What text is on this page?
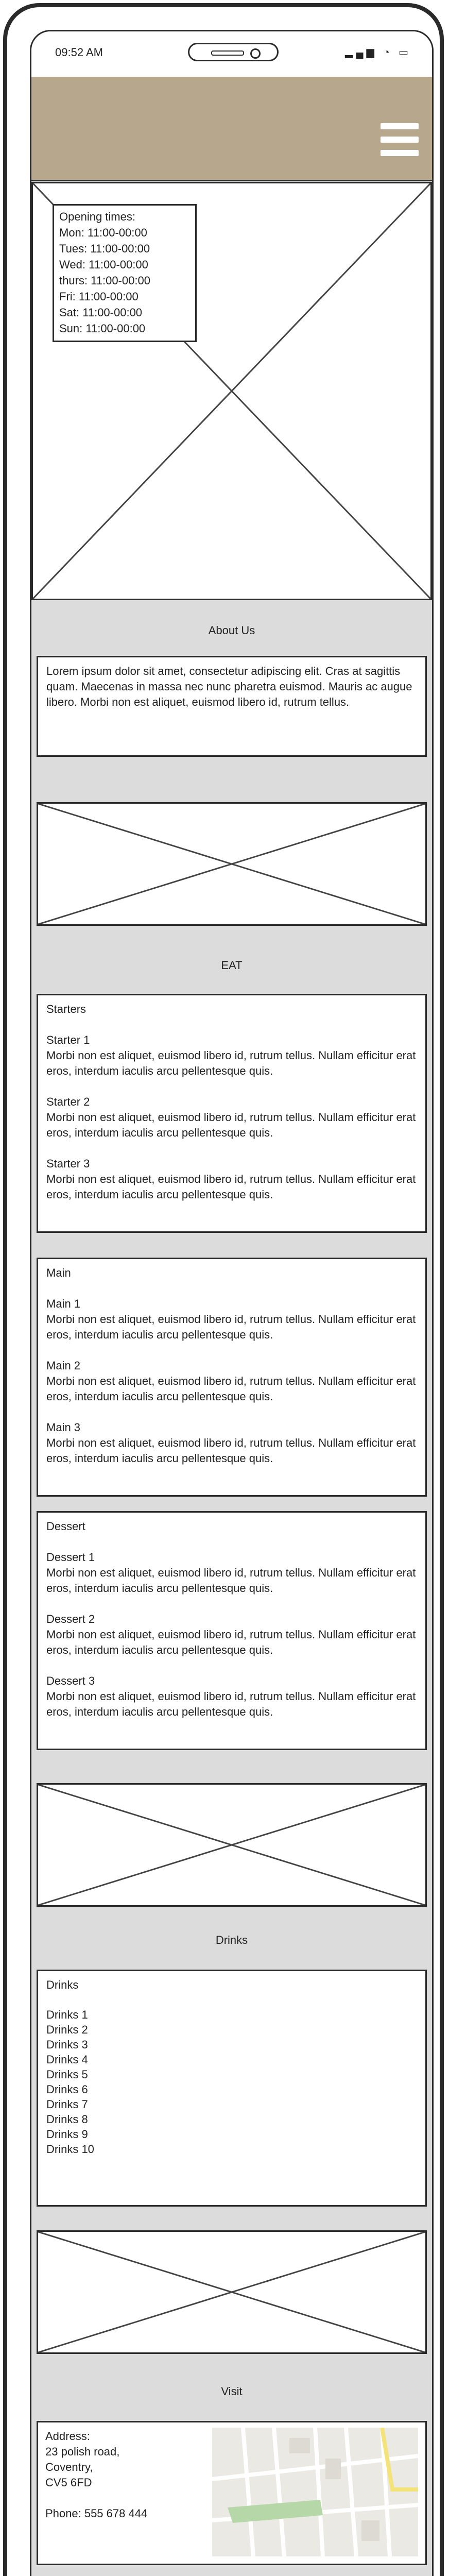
09:52 AM	▂▄▆ ◔ ▭
Opening times:
Mon: 11:00-00:00
Tues: 11:00-00:00
Wed: 11:00-00:00
thurs: 11:00-00:00
Fri: 11:00-00:00
Sat: 11:00-00:00
Sun: 11:00-00:00
About Us

Lorem ipsum dolor sit amet, consectetur adipiscing elit. Cras at sagittis quam. Maecenas in massa nec nunc pharetra euismod. Mauris ac augue libero. Morbi non est aliquet, euismod libero id, rutrum tellus.

EAT

Starters

Starter 1

Morbi non est aliquet, euismod libero id, rutrum tellus. Nullam efficitur erat eros, interdum iaculis arcu pellentesque quis.

Starter 2

Morbi non est aliquet, euismod libero id, rutrum tellus. Nullam efficitur erat eros, interdum iaculis arcu pellentesque quis.

Starter 3

Morbi non est aliquet, euismod libero id, rutrum tellus. Nullam efficitur erat eros, interdum iaculis arcu pellentesque quis.

Main

Main 1

Morbi non est aliquet, euismod libero id, rutrum tellus. Nullam efficitur erat eros, interdum iaculis arcu pellentesque quis.

Main 2

Morbi non est aliquet, euismod libero id, rutrum tellus. Nullam efficitur erat eros, interdum iaculis arcu pellentesque quis.

Main 3

Morbi non est aliquet, euismod libero id, rutrum tellus. Nullam efficitur erat eros, interdum iaculis arcu pellentesque quis.

Dessert

Dessert 1

Morbi non est aliquet, euismod libero id, rutrum tellus. Nullam efficitur erat eros, interdum iaculis arcu pellentesque quis.

Dessert 2

Morbi non est aliquet, euismod libero id, rutrum tellus. Nullam efficitur erat eros, interdum iaculis arcu pellentesque quis.

Dessert 3

Morbi non est aliquet, euismod libero id, rutrum tellus. Nullam efficitur erat eros, interdum iaculis arcu pellentesque quis.

Drinks

Drinks

Drinks 1

Drinks 2

Drinks 3

Drinks 4

Drinks 5

Drinks 6

Drinks 7

Drinks 8

Drinks 9

Drinks 10

Visit
Address:
23 polish road,
Coventry,
CV5 6FD
Phone: 555 678 444
